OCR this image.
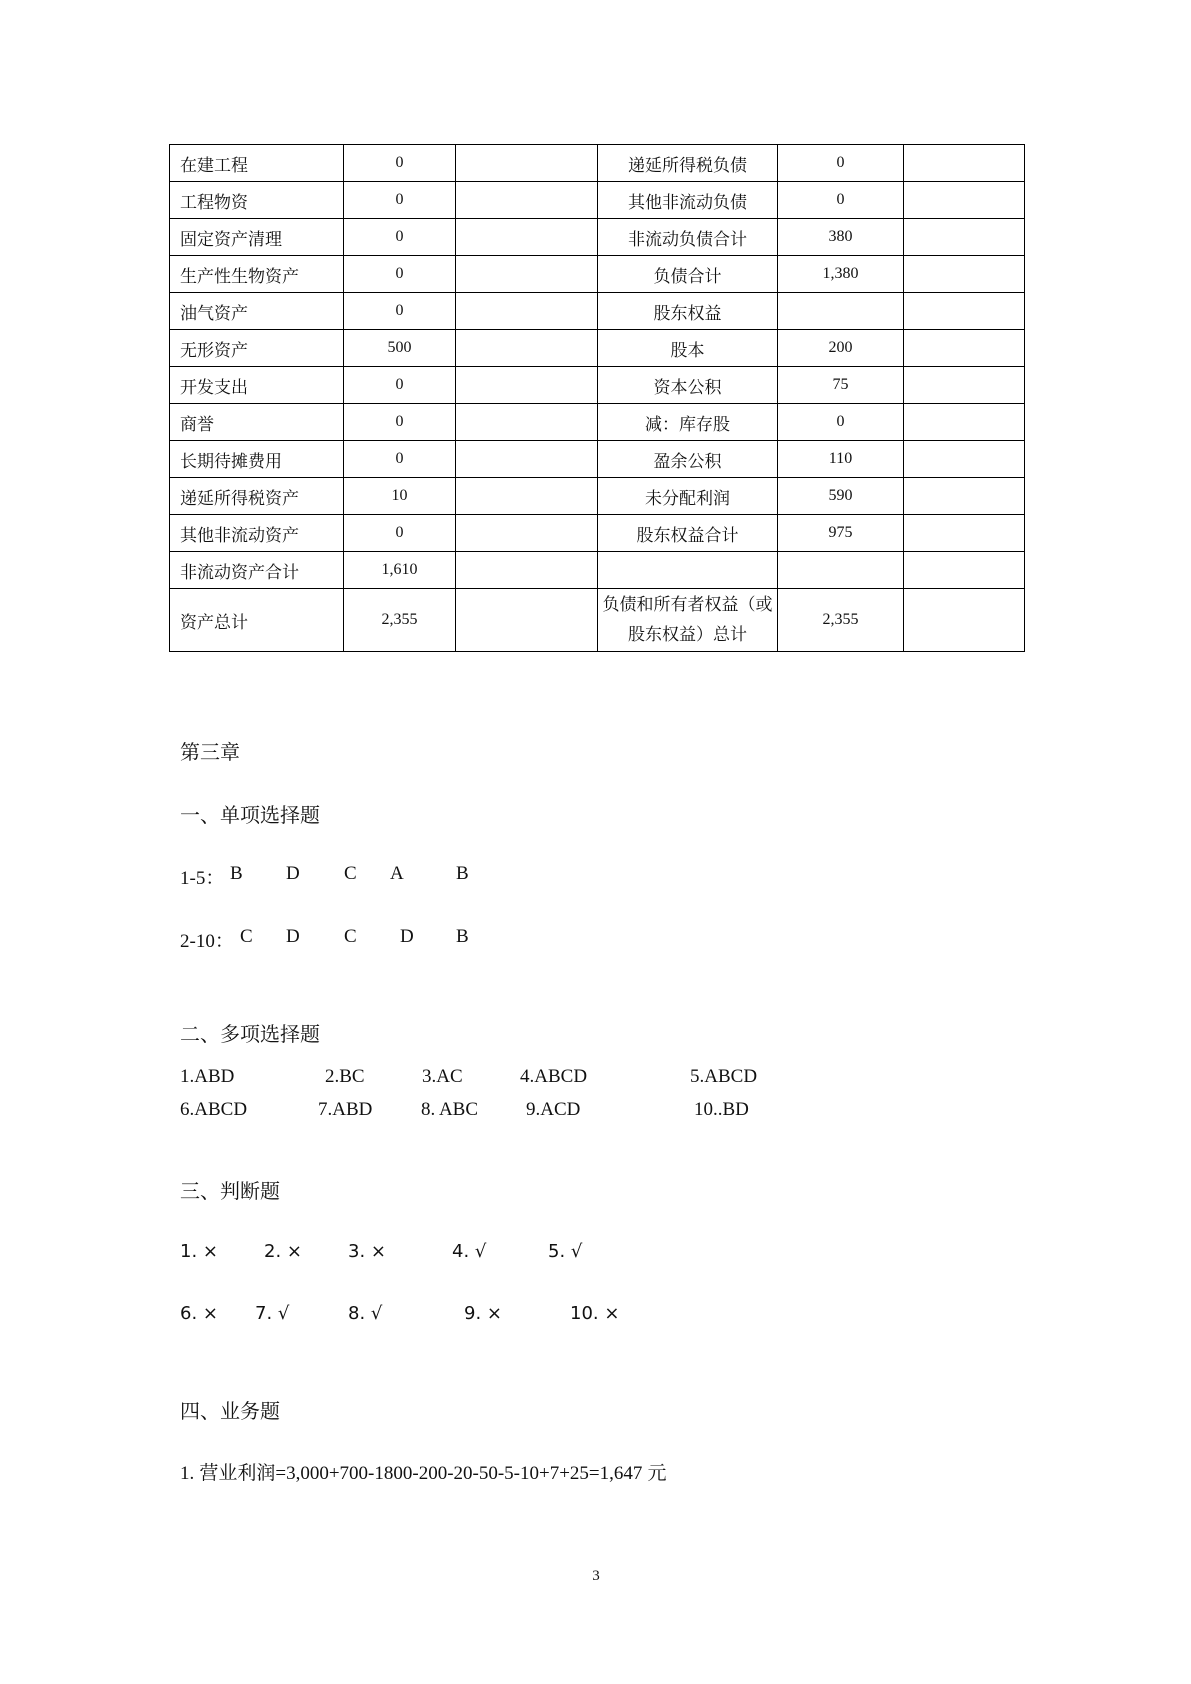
在建工程	0		递延所得税负债	0	
工程物资	0		其他非流动负债	0	
固定资产清理	0		非流动负债合计	380	
生产性生物资产	0		负债合计	1,380	
油气资产	0		股东权益		
无形资产	500		股本	200	
开发支出	0		资本公积	75	
商誉	0		减：库存股	0	
长期待摊费用	0		盈余公积	110	
递延所得税资产	10		未分配利润	590	
其他非流动资产	0		股东权益合计	975	
非流动资产合计	1,610				
资产总计	2,355		负债和所有者权益（或股东权益）总计	2,355	
第三章
一、单项选择题
1-5： B D C A	B
2-10： C D C D B
二、多项选择题
1.ABD	2.BC	3.AC	4.ABCD	5.ABCD
6.ABCD	7.ABD	8. ABC	9.ACD	10..BD
三、判断题
1. ×	2. ×	3. ×	4. √	5. √
6. × 7. √	8. √	9. ×	10. ×
四、业务题
1. 营业利润=3,000+700-1800-200-20-50-5-10+7+25=1,647 元
3
